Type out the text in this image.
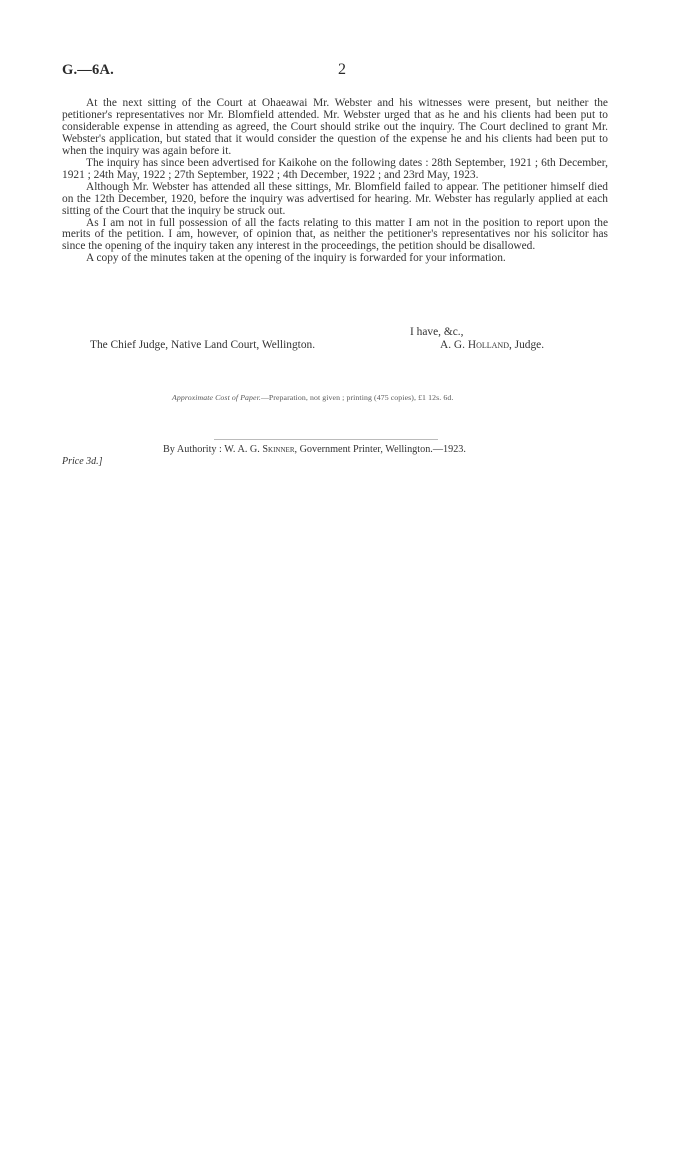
G.—6A.	2

At the next sitting of the Court at Ohaeawai Mr. Webster and his witnesses were present, but neither the petitioner's representatives nor Mr. Blomfield attended. Mr. Webster urged that as he and his clients had been put to considerable expense in attending as agreed, the Court should strike out the inquiry. The Court declined to grant Mr. Webster's application, but stated that it would consider the question of the expense he and his clients had been put to when the inquiry was again before it.

The inquiry has since been advertised for Kaikohe on the following dates : 28th September, 1921 ; 6th December, 1921 ; 24th May, 1922 ; 27th September, 1922 ; 4th December, 1922 ; and 23rd May, 1923.

Although Mr. Webster has attended all these sittings, Mr. Blomfield failed to appear. The petitioner himself died on the 12th December, 1920, before the inquiry was advertised for hearing. Mr. Webster has regularly applied at each sitting of the Court that the inquiry be struck out.

As I am not in full possession of all the facts relating to this matter I am not in the position to report upon the merits of the petition. I am, however, of opinion that, as neither the petitioner's representatives nor his solicitor has since the opening of the inquiry taken any interest in the proceedings, the petition should be disallowed.

A copy of the minutes taken at the opening of the inquiry is forwarded for your information.

I have, &c.,
The Chief Judge, Native Land Court, Wellington.	A. G. Holland, Judge.
Approximate Cost of Paper.—Preparation, not given ; printing (475 copies), £1 12s. 6d.
By Authority : W. A. G. Skinner, Government Printer, Wellington.—1923.
Price 3d.]
